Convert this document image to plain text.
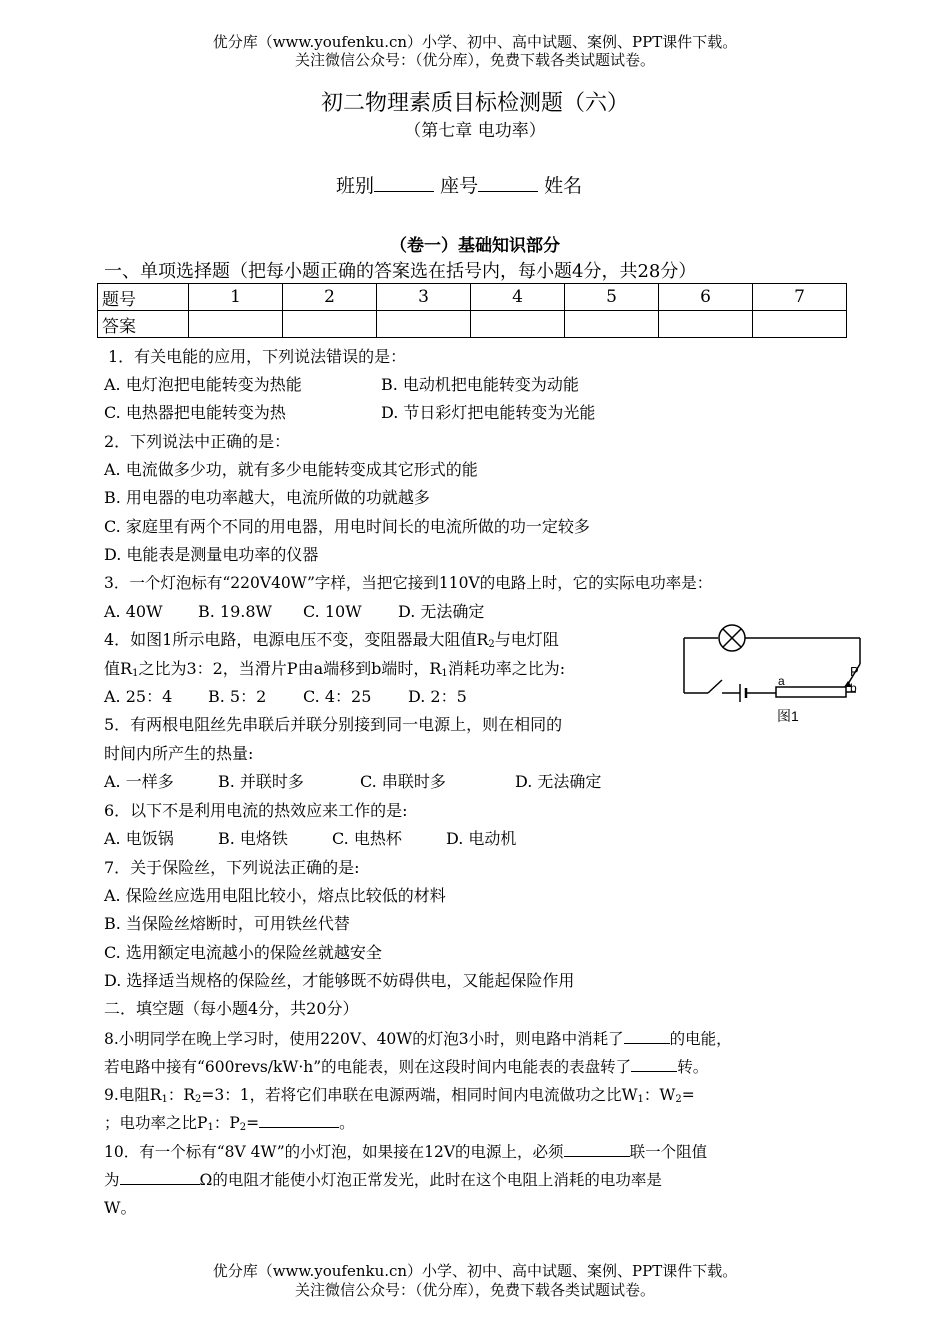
优分库（www.youfenku.cn）小学、初中、高中试题、案例、PPT课件下载。
关注微信公众号：（优分库），免费下载各类试题试卷。
初二物理素质目标检测题（六）
（第七章 电功率）
班别	座号	姓名
（卷一）基础知识部分
一、单项选择题（把每小题正确的答案选在括号内，每小题4分，共28分）
题号	1	2	3	4	5	6	7
答案							
1．有关电能的应用，下列说法错误的是：
A. 电灯泡把电能转变为热能	B. 电动机把电能转变为动能
C. 电热器把电能转变为热	D. 节日彩灯把电能转变为光能
2．下列说法中正确的是：
A. 电流做多少功，就有多少电能转变成其它形式的能
B. 用电器的电功率越大，电流所做的功就越多
C. 家庭里有两个不同的用电器，用电时间长的电流所做的功一定较多
D. 电能表是测量电功率的仪器
3．一个灯泡标有“220V40W”字样，当把它接到110V的电路上时，它的实际电功率是：
A. 40W B. 19.8W C. 10W D. 无法确定
4．如图1所示电路，电源电压不变，变阻器最大阻值$R_2$与电灯阻
值$R_1$之比为3：2，当滑片P由a端移到b端时，$R_1$消耗功率之比为:
A. 25：4 B. 5：2 C. 4：25 D. 2：5
P
a	b
图1
5．有两根电阻丝先串联后并联分别接到同一电源上，则在相同的
时间内所产生的热量:
A. 一样多	B. 并联时多	C. 串联时多	D. 无法确定
6．以下不是利用电流的热效应来工作的是:
A. 电饭锅	B. 电烙铁	C. 电热杯	D. 电动机
7．关于保险丝，下列说法正确的是:
A. 保险丝应选用电阻比较小，熔点比较低的材料
B. 当保险丝熔断时，可用铁丝代替
C. 选用额定电流越小的保险丝就越安全
D. 选择适当规格的保险丝，才能够既不妨碍供电，又能起保险作用
二．填空题（每小题4分，共20分）
8.小明同学在晚上学习时，使用220V、40W的灯泡3小时，则电路中消耗了	的电能，
若电路中接有“600revs/kW·h”的电能表，则在这段时间内电能表的表盘转了	转。
9.电阻$R_1$：$R_2=3$：1，若将它们串联在电源两端，相同时间内电流做功之比$W_1$：$W_2=$
；电功率之比$P_1$：$P_2=$	。
10．有一个标有“8V 4W”的小灯泡，如果接在12V的电源上，必须	联一个阻值
为	Ω的电阻才能使小灯泡正常发光，此时在这个电阻上消耗的电功率是
W。
优分库（www.youfenku.cn）小学、初中、高中试题、案例、PPT课件下载。
关注微信公众号：（优分库），免费下载各类试题试卷。
